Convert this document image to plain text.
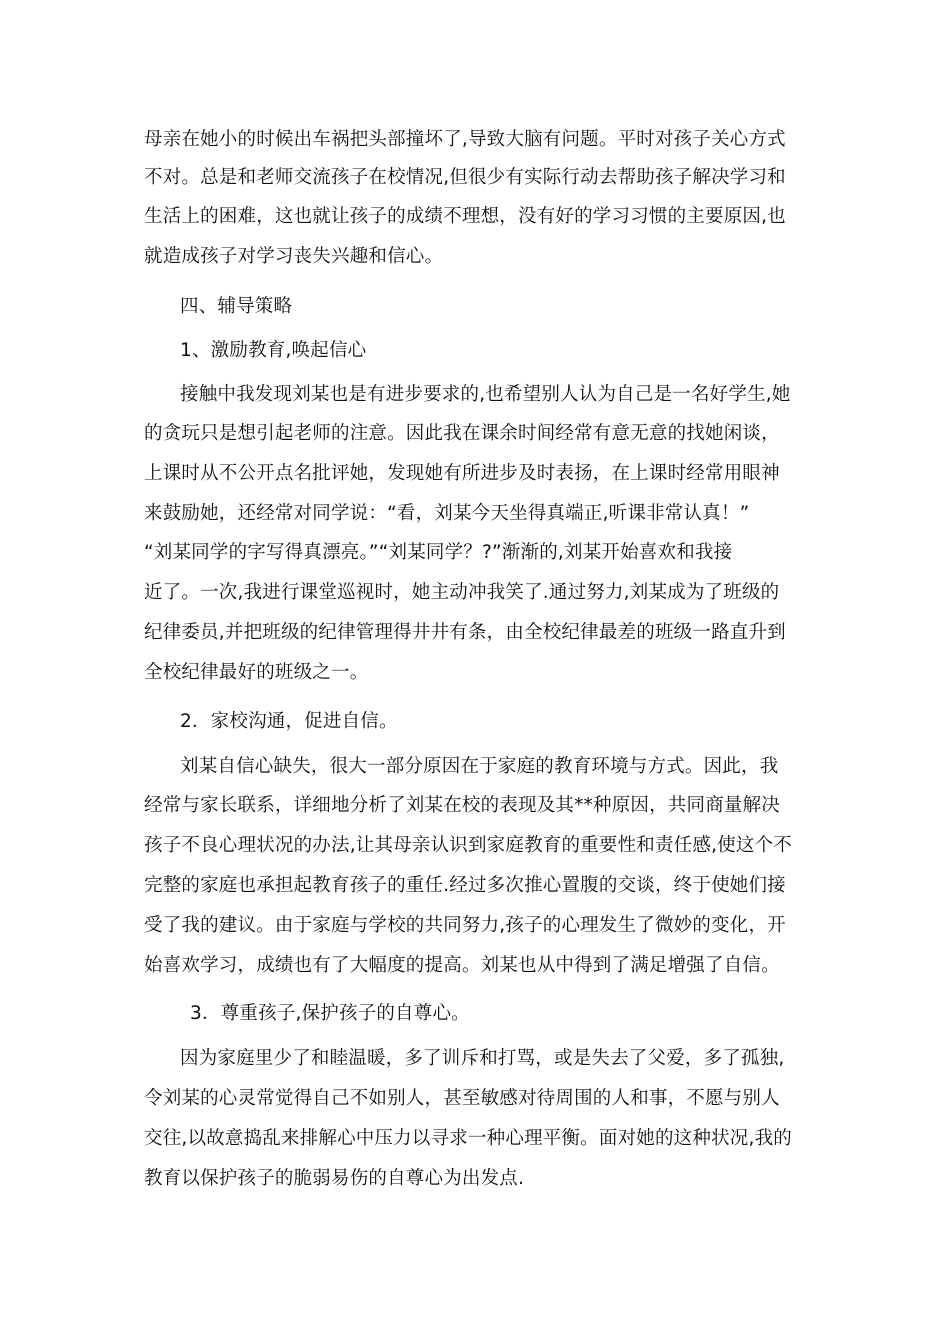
母亲在她小的时候出车祸把头部撞坏了,导致大脑有问题。平时对孩子关心方式
不对。总是和老师交流孩子在校情况,但很少有实际行动去帮助孩子解决学习和
生活上的困难，这也就让孩子的成绩不理想，没有好的学习习惯的主要原因,也
就造成孩子对学习丧失兴趣和信心。
四、辅导策略
1、激励教育,唤起信心
接触中我发现刘某也是有进步要求的,也希望别人认为自己是一名好学生,她
的贪玩只是想引起老师的注意。因此我在课余时间经常有意无意的找她闲谈，
上课时从不公开点名批评她，发现她有所进步及时表扬，在上课时经常用眼神
来鼓励她，还经常对同学说：“看，刘某今天坐得真端正,听课非常认真！”
“刘某同学的字写得真漂亮。”“刘某同学？?”渐渐的,刘某开始喜欢和我接
近了。一次,我进行课堂巡视时，她主动冲我笑了.通过努力,刘某成为了班级的
纪律委员,并把班级的纪律管理得井井有条，由全校纪律最差的班级一路直升到
全校纪律最好的班级之一。
2．家校沟通，促进自信。
刘某自信心缺失，很大一部分原因在于家庭的教育环境与方式。因此，我
经常与家长联系，详细地分析了刘某在校的表现及其**种原因，共同商量解决
孩子不良心理状况的办法,让其母亲认识到家庭教育的重要性和责任感,使这个不
完整的家庭也承担起教育孩子的重任.经过多次推心置腹的交谈，终于使她们接
受了我的建议。由于家庭与学校的共同努力,孩子的心理发生了微妙的变化，开
始喜欢学习，成绩也有了大幅度的提高。刘某也从中得到了满足增强了自信。
3．尊重孩子,保护孩子的自尊心。
因为家庭里少了和睦温暖，多了训斥和打骂，或是失去了父爱，多了孤独,
令刘某的心灵常觉得自己不如别人，甚至敏感对待周围的人和事，不愿与别人
交往,以故意捣乱来排解心中压力以寻求一种心理平衡。面对她的这种状况,我的
教育以保护孩子的脆弱易伤的自尊心为出发点.
